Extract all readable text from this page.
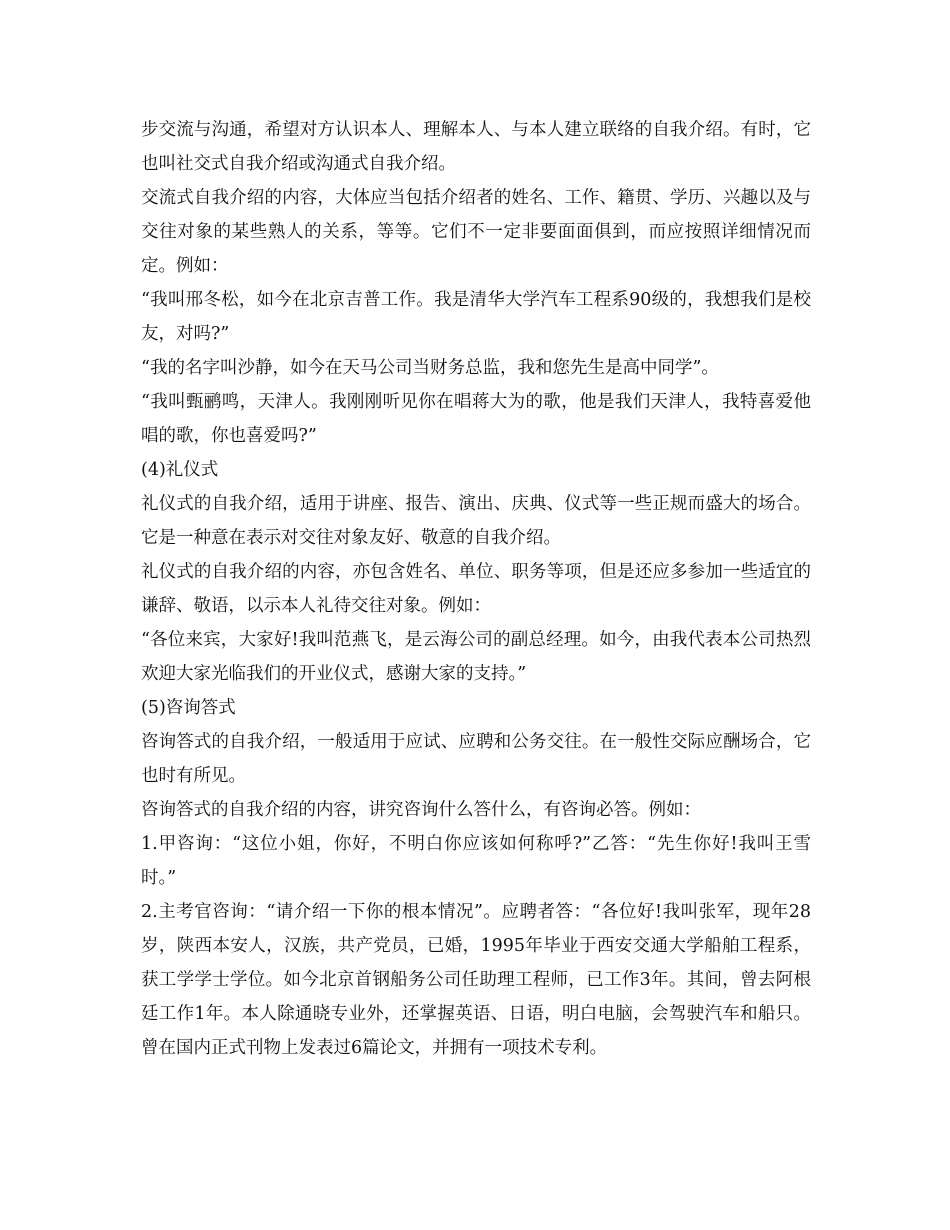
步交流与沟通，希望对方认识本人、理解本人、与本人建立联络的自我介绍。有时，它也叫社交式自我介绍或沟通式自我介绍。

交流式自我介绍的内容，大体应当包括介绍者的姓名、工作、籍贯、学历、兴趣以及与交往对象的某些熟人的关系，等等。它们不一定非要面面俱到，而应按照详细情况而定。例如：

“我叫邢冬松，如今在北京吉普工作。我是清华大学汽车工程系90级的，我想我们是校友，对吗?”

“我的名字叫沙静，如今在天马公司当财务总监，我和您先生是高中同学”。

“我叫甄鹂鸣，天津人。我刚刚听见你在唱蒋大为的歌，他是我们天津人，我特喜爱他唱的歌，你也喜爱吗?”

(4)礼仪式

礼仪式的自我介绍，适用于讲座、报告、演出、庆典、仪式等一些正规而盛大的场合。它是一种意在表示对交往对象友好、敬意的自我介绍。

礼仪式的自我介绍的内容，亦包含姓名、单位、职务等项，但是还应多参加一些适宜的谦辞、敬语，以示本人礼待交往对象。例如：

“各位来宾，大家好!我叫范燕飞，是云海公司的副总经理。如今，由我代表本公司热烈欢迎大家光临我们的开业仪式，感谢大家的支持。”

(5)咨询答式

咨询答式的自我介绍，一般适用于应试、应聘和公务交往。在一般性交际应酬场合，它也时有所见。

咨询答式的自我介绍的内容，讲究咨询什么答什么，有咨询必答。例如：

1.甲咨询：“这位小姐，你好，不明白你应该如何称呼?”乙答：“先生你好!我叫王雪时。”

2.主考官咨询：“请介绍一下你的根本情况”。应聘者答：“各位好!我叫张军，现年28岁，陕西本安人，汉族，共产党员，已婚，1995年毕业于西安交通大学船舶工程系，获工学学士学位。如今北京首钢船务公司任助理工程师，已工作3年。其间，曾去阿根廷工作1年。本人除通晓专业外，还掌握英语、日语，明白电脑，会驾驶汽车和船只。曾在国内正式刊物上发表过6篇论文，并拥有一项技术专利。
